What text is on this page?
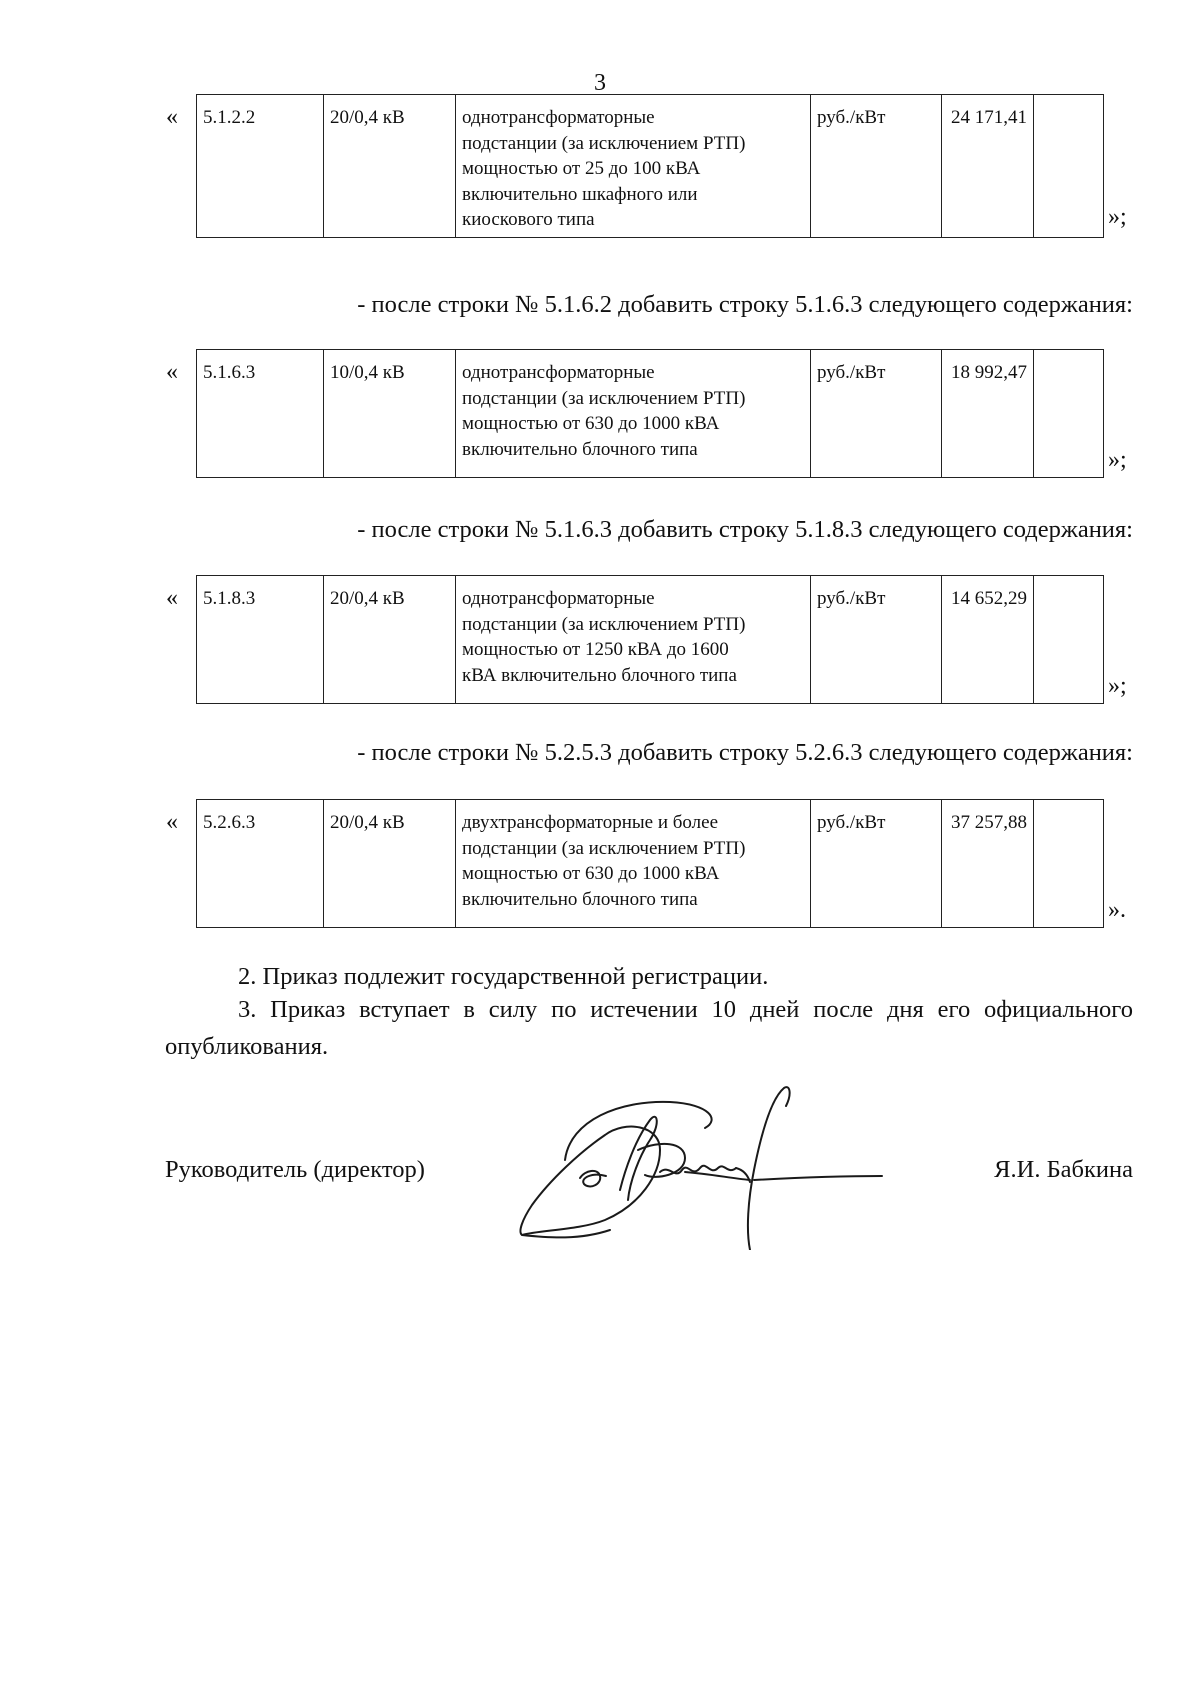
3
« 5.1.2.2	20/0,4 кВ	однотрансформаторные
подстанции (за исключением РТП)
мощностью от 25 до 100 кВА
включительно шкафного или
киоскового типа
	руб./кВт	24 171,41	
»;
- после строки № 5.1.6.2 добавить строку 5.1.6.3 следующего содержания:
« 5.1.6.3	10/0,4 кВ	однотрансформаторные
подстанции (за исключением РТП)
мощностью от 630 до 1000 кВА
включительно блочного типа
	руб./кВт	18 992,47	
»;
- после строки № 5.1.6.3 добавить строку 5.1.8.3 следующего содержания:
« 5.1.8.3	20/0,4 кВ	однотрансформаторные
подстанции (за исключением РТП)
мощностью от 1250 кВА до 1600
кВА включительно блочного типа
	руб./кВт	14 652,29	
»;
- после строки № 5.2.5.3 добавить строку 5.2.6.3 следующего содержания:
« 5.2.6.3	20/0,4 кВ	двухтрансформаторные и более
подстанции (за исключением РТП)
мощностью от 630 до 1000 кВА
включительно блочного типа
	руб./кВт	37 257,88	
».
2. Приказ подлежит государственной регистрации.
3. Приказ вступает в силу по истечении 10 дней после дня его официального опубликования.
Руководитель (директор)	Я.И. Бабкина
